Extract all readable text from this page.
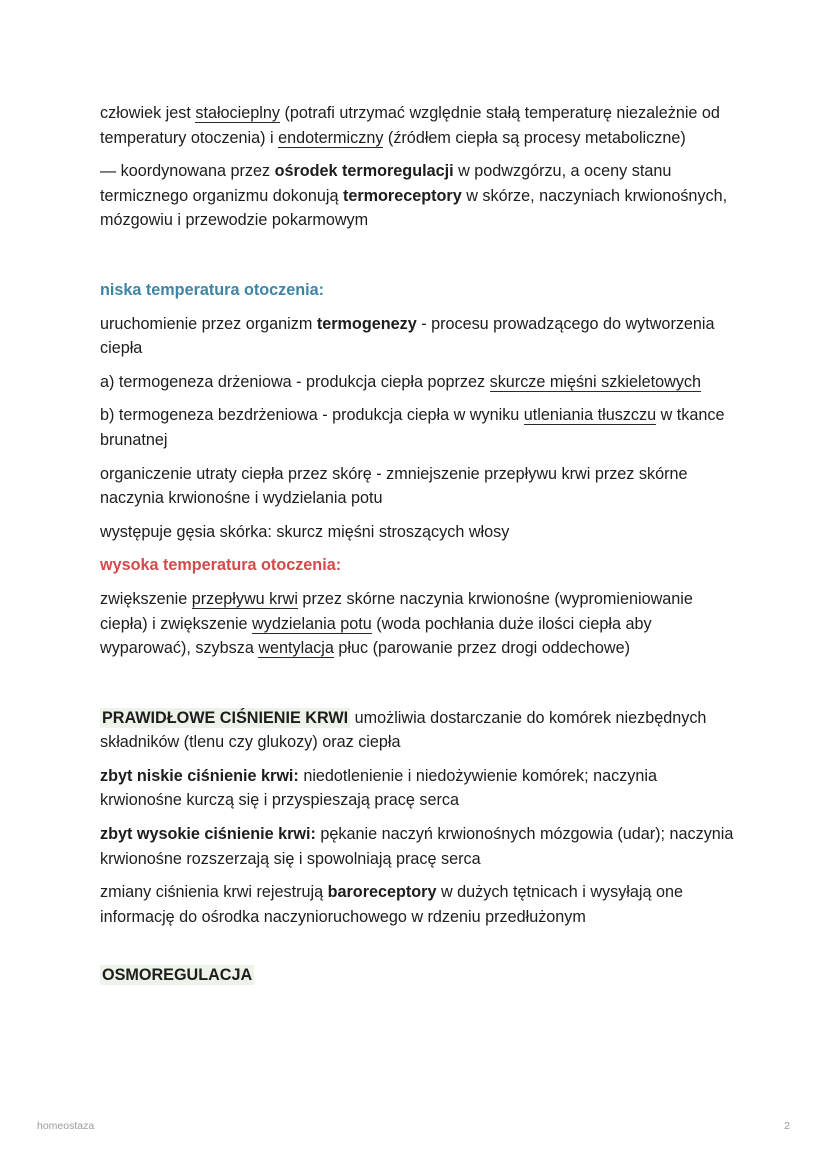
człowiek jest stałocieplny (potrafi utrzymać względnie stałą temperaturę niezależnie od temperatury otoczenia) i endotermiczny (źródłem ciepła są procesy metaboliczne)

— koordynowana przez ośrodek termoregulacji w podwzgórzu, a oceny stanu termicznego organizmu dokonują termoreceptory w skórze, naczyniach krwionośnych, mózgowiu i przewodzie pokarmowym

niska temperatura otoczenia:

uruchomienie przez organizm termogenezy - procesu prowadzącego do wytworzenia ciepła

a) termogeneza drżeniowa - produkcja ciepła poprzez skurcze mięśni szkieletowych

b) termogeneza bezdrżeniowa - produkcja ciepła w wyniku utleniania tłuszczu w tkance brunatnej

organiczenie utraty ciepła przez skórę - zmniejszenie przepływu krwi przez skórne naczynia krwionośne i wydzielania potu

występuje gęsia skórka: skurcz mięśni stroszących włosy

wysoka temperatura otoczenia:

zwiększenie przepływu krwi przez skórne naczynia krwionośne (wypromieniowanie ciepła) i zwiększenie wydzielania potu (woda pochłania duże ilości ciepła aby wyparować), szybsza wentylacja płuc (parowanie przez drogi oddechowe)

PRAWIDŁOWE CIŚNIENIE KRWI umożliwia dostarczanie do komórek niezbędnych składników (tlenu czy glukozy) oraz ciepła

zbyt niskie ciśnienie krwi: niedotlenienie i niedożywienie komórek; naczynia krwionośne kurczą się i przyspieszają pracę serca

zbyt wysokie ciśnienie krwi: pękanie naczyń krwionośnych mózgowia (udar); naczynia krwionośne rozszerzają się i spowolniają pracę serca

zmiany ciśnienia krwi rejestrują baroreceptory w dużych tętnicach i wysyłają one informację do ośrodka naczynioruchowego w rdzeniu przedłużonym

OSMOREGULACJA

homeostaza	2
